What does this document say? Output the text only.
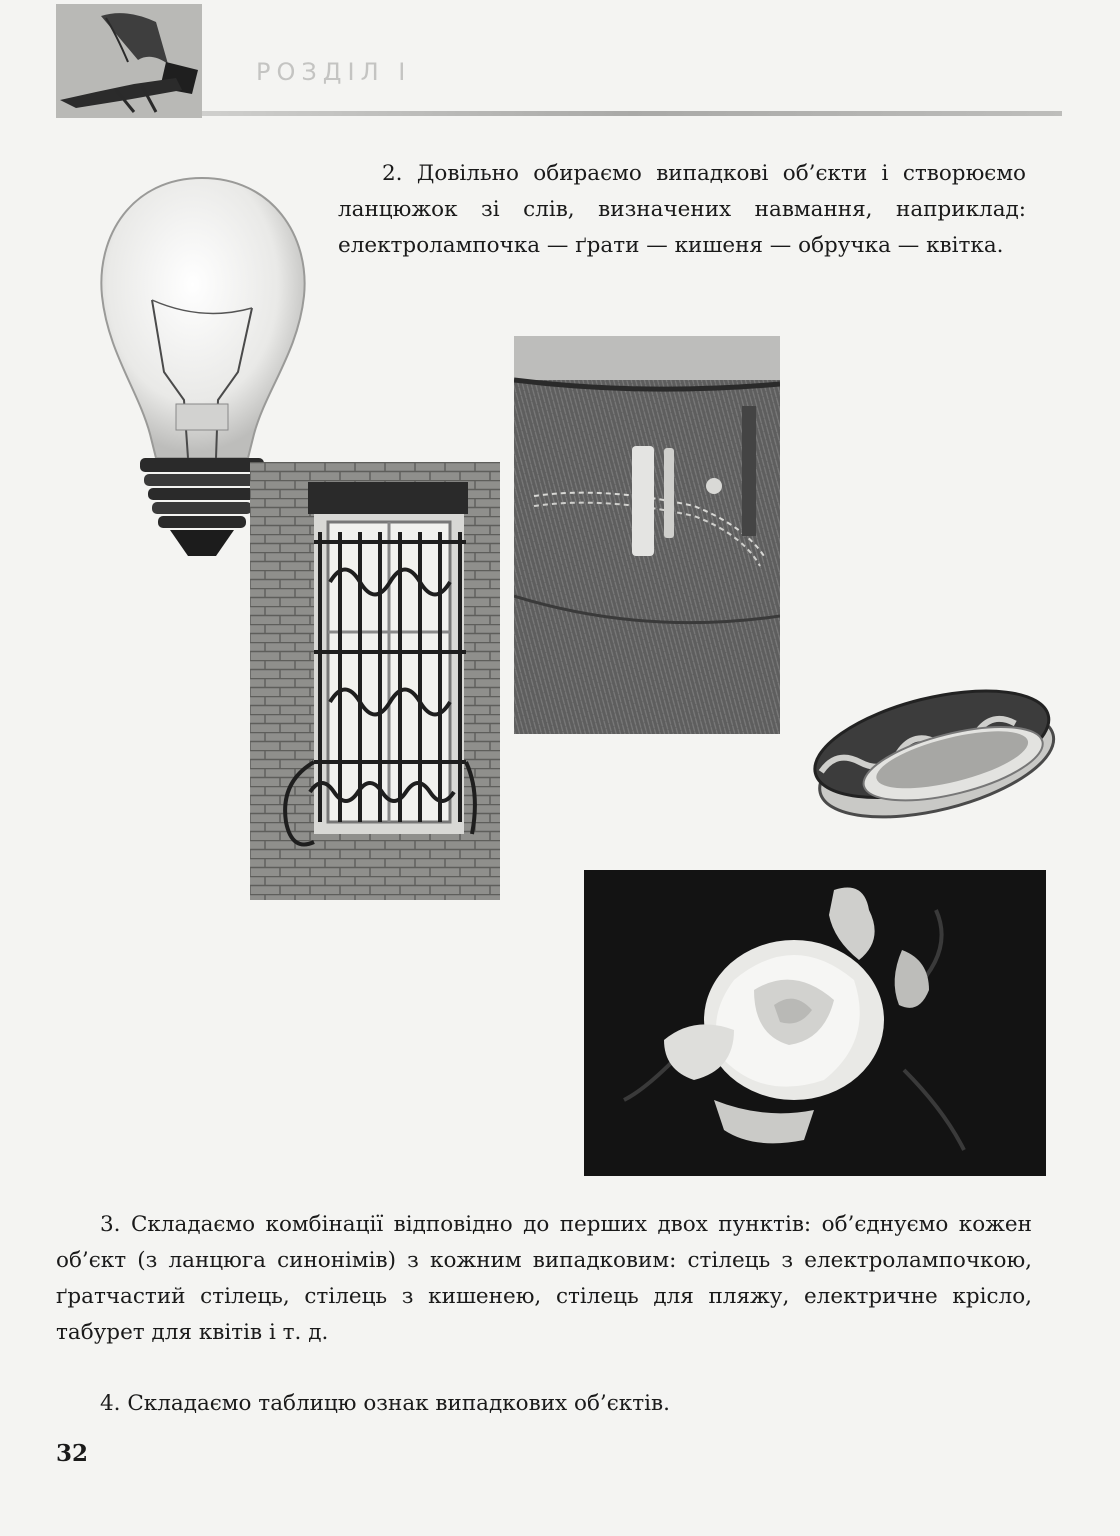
РОЗДІЛ І

2. Довільно обираємо випадкові об’єкти і створюємо ланцюжок зі слів, визначених навмання, наприклад: електролампочка — ґрати — кишеня — обручка — квітка.

3. Складаємо комбінації відповідно до перших двох пунктів: об’єднуємо кожен об’єкт (з ланцюга синонімів) з кожним випадковим: стілець з електролампочкою, ґратчастий стілець, стілець з кишенею, стілець для пляжу, електричне крісло, табурет для квітів і т. д.

4. Складаємо таблицю ознак випадкових об’єктів.

32
